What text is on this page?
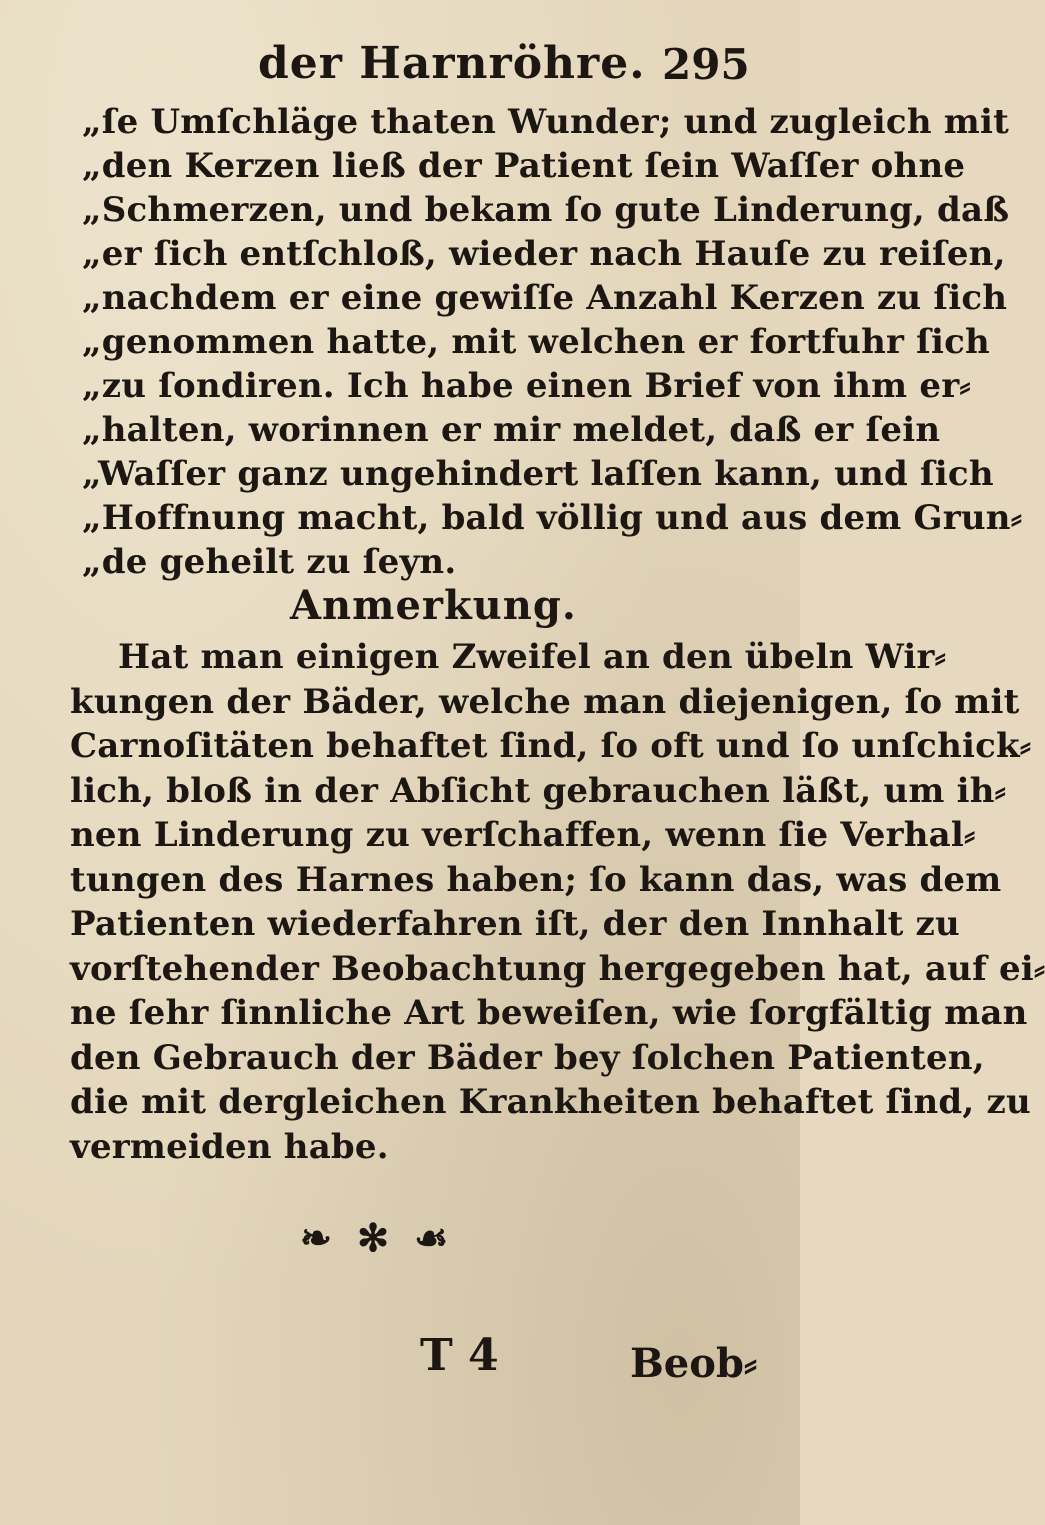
der Harnröhre. 295
„ſe Umſchläge thaten Wunder; und zugleich mit
„den Kerzen ließ der Patient ſein Waſſer ohne
„Schmerzen, und bekam ſo gute Linderung, daß
„er ſich entſchloß, wieder nach Hauſe zu reiſen,
„nachdem er eine gewiſſe Anzahl Kerzen zu ſich
„genommen hatte, mit welchen er fortfuhr ſich
„zu ſondiren. Ich habe einen Brief von ihm er⸗
„halten, worinnen er mir meldet, daß er ſein
„Waſſer ganz ungehindert laſſen kann, und ſich
„Hoffnung macht, bald völlig und aus dem Grun⸗
„de geheilt zu ſeyn.
Anmerkung.
Hat man einigen Zweifel an den übeln Wir⸗
kungen der Bäder, welche man diejenigen, ſo mit
Carnoſitäten behaftet ſind, ſo oft und ſo unſchick⸗
lich, bloß in der Abſicht gebrauchen läßt, um ih⸗
nen Linderung zu verſchaffen, wenn ſie Verhal⸗
tungen des Harnes haben; ſo kann das, was dem
Patienten wiederfahren iſt, der den Innhalt zu
vorſtehender Beobachtung hergegeben hat, auf ei⸗
ne ſehr ſinnliche Art beweiſen, wie ſorgfältig man
den Gebrauch der Bäder bey ſolchen Patienten,
die mit dergleichen Krankheiten behaftet ſind, zu
vermeiden habe.
❧ ✻ ☙
T 4	Beob⸗
